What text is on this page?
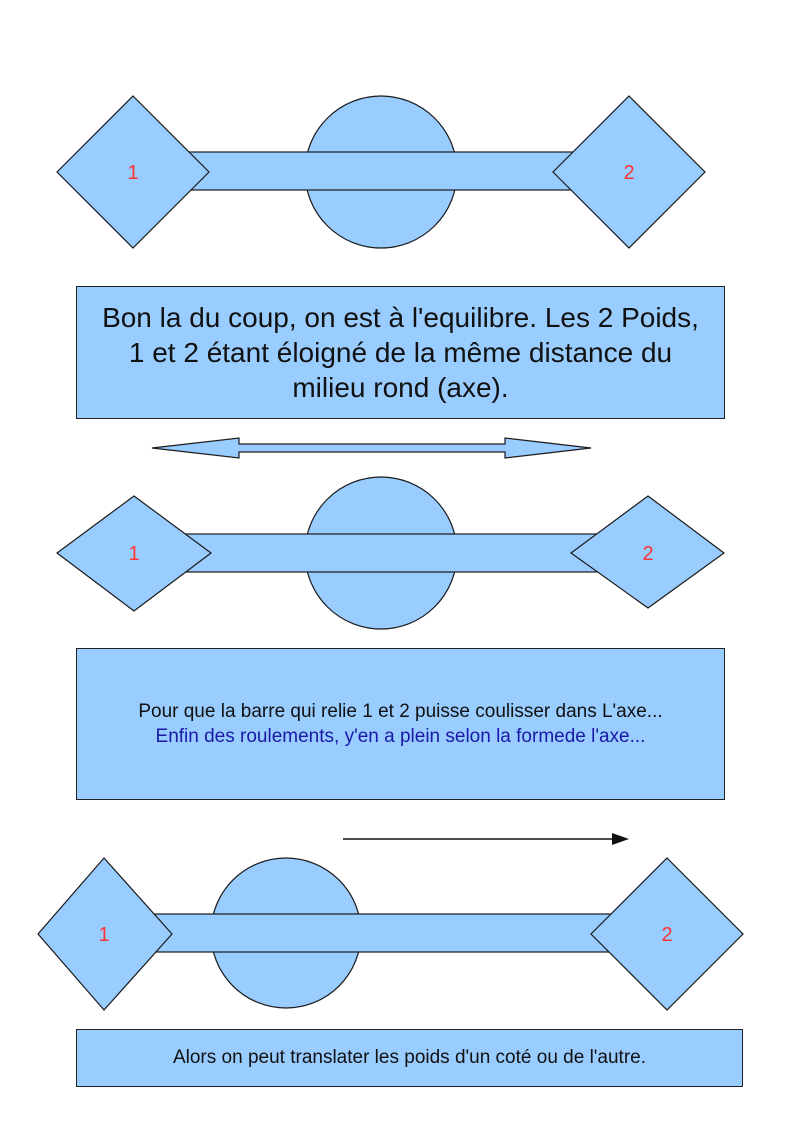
1	2
1	2
1	2
Bon la du coup, on est à l'equilibre. Les 2 Poids, 1 et 2 étant éloigné de la même distance du milieu rond (axe).
Pour que la barre qui relie 1 et 2 puisse coulisser dans L'axe...
Enfin des roulements, y'en a plein selon la formede l'axe...
Alors on peut translater les poids d'un coté ou de l'autre.
